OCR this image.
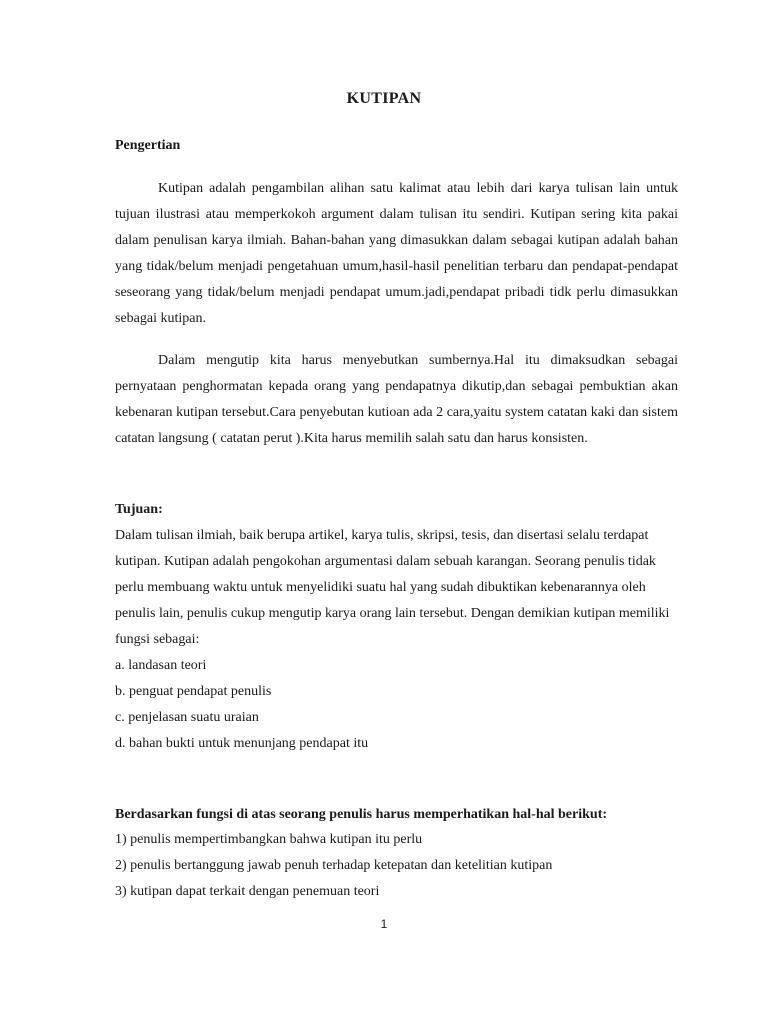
KUTIPAN
Pengertian
Kutipan adalah pengambilan alihan satu kalimat atau lebih dari karya tulisan lain untuk tujuan ilustrasi atau memperkokoh argument dalam tulisan itu sendiri. Kutipan sering kita pakai dalam penulisan karya ilmiah. Bahan-bahan yang dimasukkan dalam sebagai kutipan adalah bahan yang tidak/belum menjadi pengetahuan umum,hasil-hasil penelitian terbaru dan pendapat-pendapat seseorang yang tidak/belum menjadi pendapat umum.jadi,pendapat pribadi tidk perlu dimasukkan sebagai kutipan.
Dalam mengutip kita harus menyebutkan sumbernya.Hal itu dimaksudkan sebagai pernyataan penghormatan kepada orang yang pendapatnya dikutip,dan sebagai pembuktian akan kebenaran kutipan tersebut.Cara penyebutan kutioan ada 2 cara,yaitu system catatan kaki dan sistem catatan langsung ( catatan perut ).Kita harus memilih salah satu dan harus konsisten.
Tujuan:
Dalam tulisan ilmiah, baik berupa artikel, karya tulis, skripsi, tesis, dan disertasi selalu terdapat kutipan. Kutipan adalah pengokohan argumentasi dalam sebuah karangan. Seorang penulis tidak perlu membuang waktu untuk menyelidiki suatu hal yang sudah dibuktikan kebenarannya oleh penulis lain, penulis cukup mengutip karya orang lain tersebut. Dengan demikian kutipan memiliki fungsi sebagai:
a. landasan teori
b. penguat pendapat penulis
c. penjelasan suatu uraian
d. bahan bukti untuk menunjang pendapat itu
Berdasarkan fungsi di atas seorang penulis harus memperhatikan hal-hal berikut:
1) penulis mempertimbangkan bahwa kutipan itu perlu
2) penulis bertanggung jawab penuh terhadap ketepatan dan ketelitian kutipan
3) kutipan dapat terkait dengan penemuan teori
1
